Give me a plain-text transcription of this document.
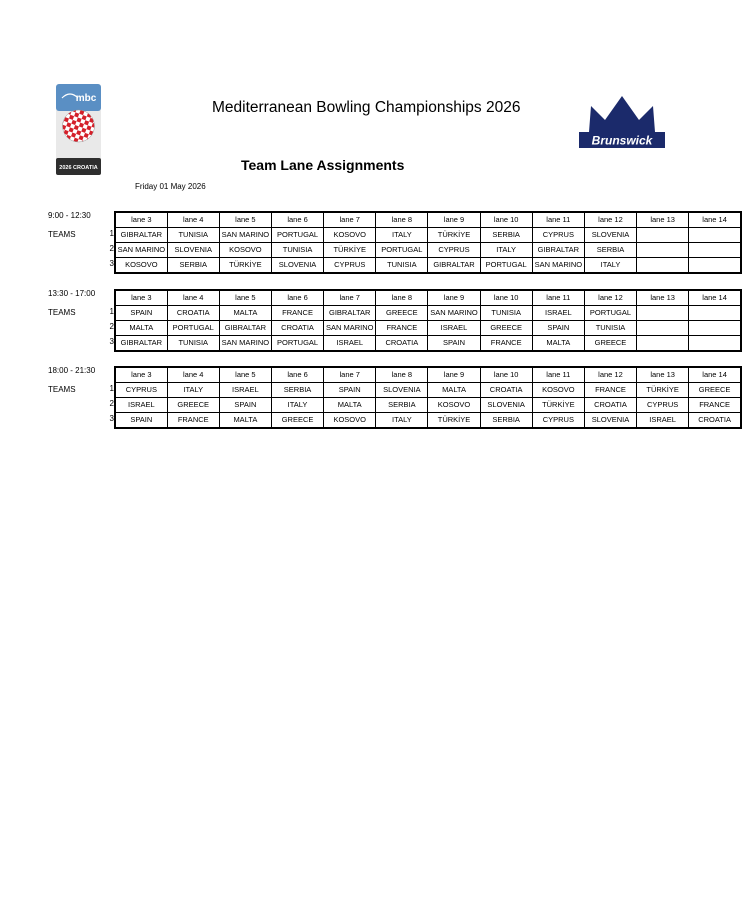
mbc
2026 CROATIA
Brunswick
Mediterranean Bowling Championships 2026
Team Lane Assignments
Friday 01 May 2026
9:00 - 12:30
TEAMS	1
2
3
lane 3	lane 4	lane 5	lane 6	lane 7	lane 8	lane 9	lane 10	lane 11	lane 12	lane 13	lane 14
GIBRALTAR	TUNISIA	SAN MARINO	PORTUGAL	KOSOVO	ITALY	TÜRKİYE	SERBIA	CYPRUS	SLOVENIA		
SAN MARINO	SLOVENIA	KOSOVO	TUNISIA	TÜRKİYE	PORTUGAL	CYPRUS	ITALY	GIBRALTAR	SERBIA		
KOSOVO	SERBIA	TÜRKİYE	SLOVENIA	CYPRUS	TUNISIA	GIBRALTAR	PORTUGAL	SAN MARINO	ITALY		
13:30 - 17:00
TEAMS	1
2
3
lane 3	lane 4	lane 5	lane 6	lane 7	lane 8	lane 9	lane 10	lane 11	lane 12	lane 13	lane 14
SPAIN	CROATIA	MALTA	FRANCE	GIBRALTAR	GREECE	SAN MARINO	TUNISIA	ISRAEL	PORTUGAL		
MALTA	PORTUGAL	GIBRALTAR	CROATIA	SAN MARINO	FRANCE	ISRAEL	GREECE	SPAIN	TUNISIA		
GIBRALTAR	TUNISIA	SAN MARINO	PORTUGAL	ISRAEL	CROATIA	SPAIN	FRANCE	MALTA	GREECE		
18:00 - 21:30
TEAMS	1
2
3
lane 3	lane 4	lane 5	lane 6	lane 7	lane 8	lane 9	lane 10	lane 11	lane 12	lane 13	lane 14
CYPRUS	ITALY	ISRAEL	SERBIA	SPAIN	SLOVENIA	MALTA	CROATIA	KOSOVO	FRANCE	TÜRKİYE	GREECE
ISRAEL	GREECE	SPAIN	ITALY	MALTA	SERBIA	KOSOVO	SLOVENIA	TÜRKİYE	CROATIA	CYPRUS	FRANCE
SPAIN	FRANCE	MALTA	GREECE	KOSOVO	ITALY	TÜRKİYE	SERBIA	CYPRUS	SLOVENIA	ISRAEL	CROATIA
